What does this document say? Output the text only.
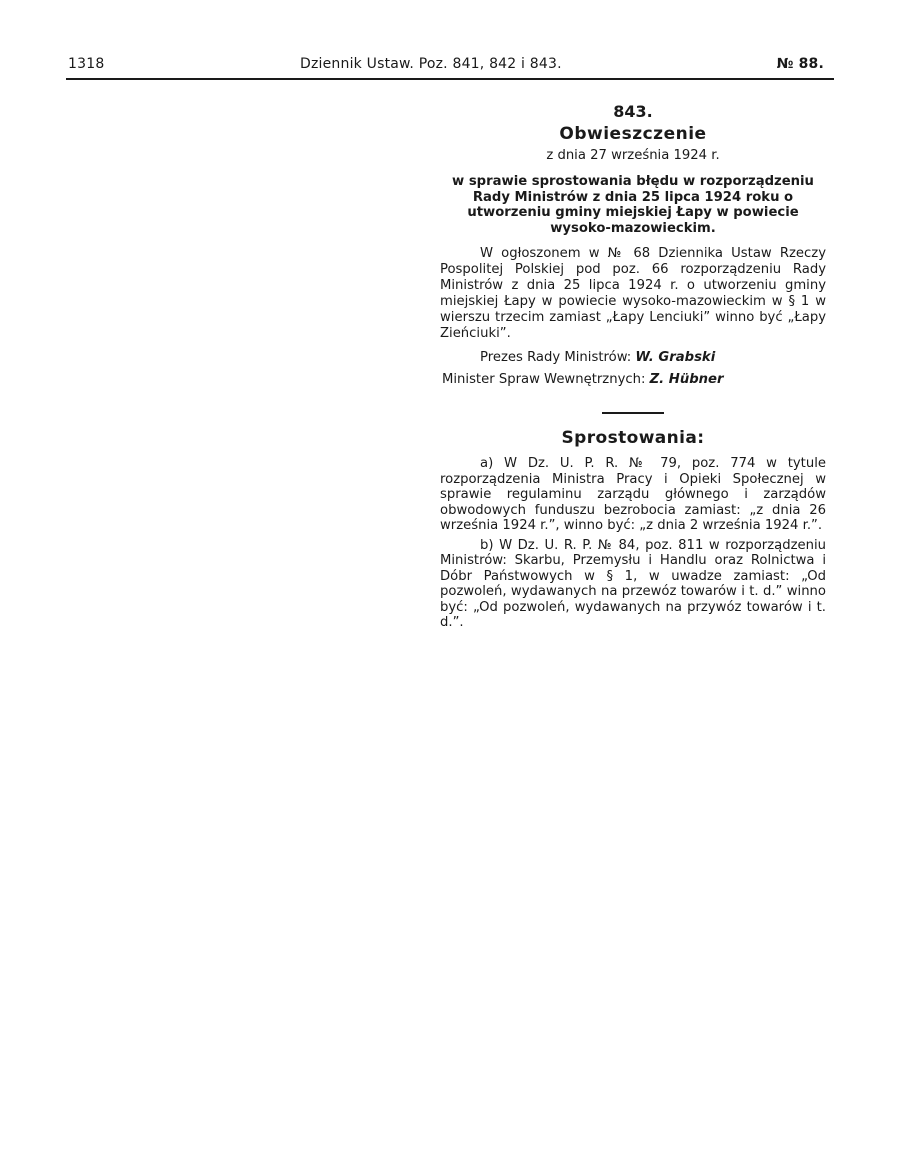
1318	Dziennik Ustaw. Poz. 841, 842 i 843.	№ 88.
843.
Obwieszczenie
z dnia 27 września 1924 r.
w sprawie sprostowania błędu w rozporządzeniu Rady Ministrów z dnia 25 lipca 1924 roku o utworzeniu gminy miejskiej Łapy w powiecie wysoko-mazowieckim.
W ogłoszonem w № 68 Dziennika Ustaw Rzeczy Pospolitej Polskiej pod poz. 66 rozporządzeniu Rady Ministrów z dnia 25 lipca 1924 r. o utworzeniu gminy miejskiej Łapy w powiecie wysoko-mazowieckim w § 1 w wierszu trzecim zamiast „Łapy Lenciuki” winno być „Łapy Zieńciuki”.
Prezes Rady Ministrów: W. Grabski
Minister Spraw Wewnętrznych: Z. Hübner
Sprostowania:
a) W Dz. U. P. R. № 79, poz. 774 w tytule rozporządzenia Ministra Pracy i Opieki Społecznej w sprawie regulaminu zarządu głównego i zarządów obwodowych funduszu bezrobocia zamiast: „z dnia 26 września 1924 r.”, winno być: „z dnia 2 września 1924 r.”.
b) W Dz. U. R. P. № 84, poz. 811 w rozporządzeniu Ministrów: Skarbu, Przemysłu i Handlu oraz Rolnictwa i Dóbr Państwowych w § 1, w uwadze zamiast: „Od pozwoleń, wydawanych na przewóz towarów i t. d.” winno być: „Od pozwoleń, wydawanych na przywóz towarów i t. d.”.
